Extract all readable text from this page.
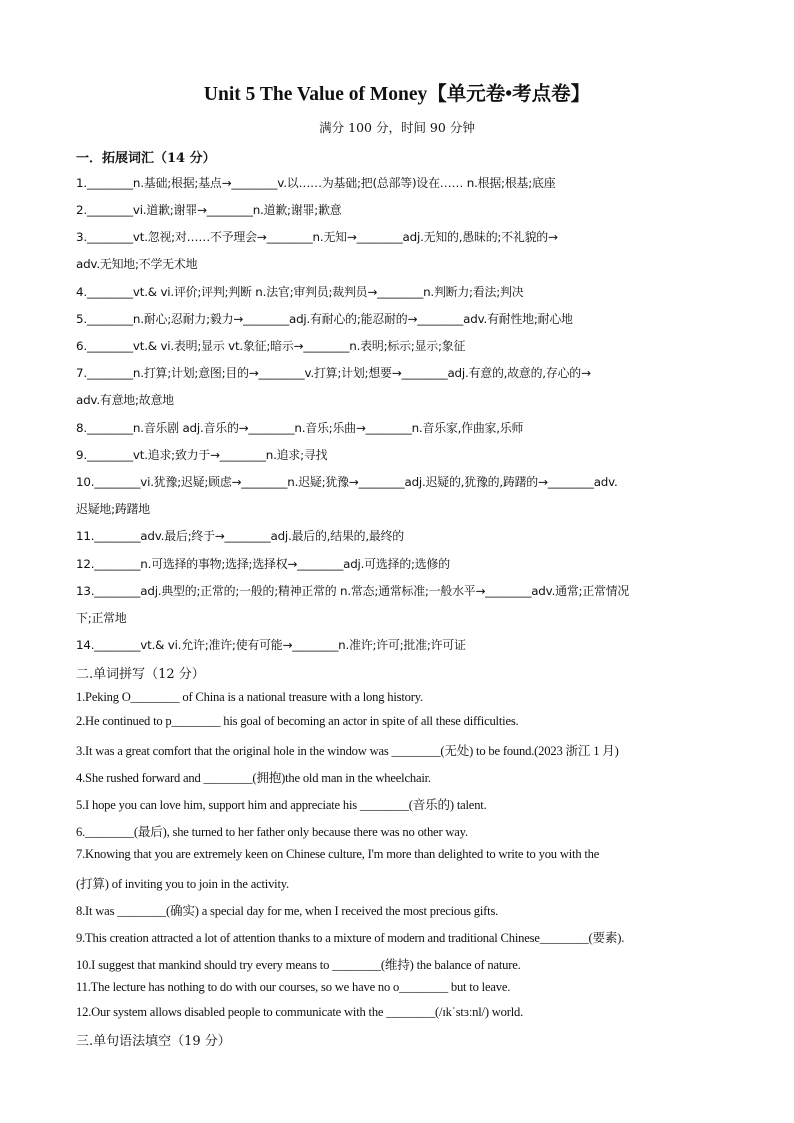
Unit 5 The Value of Money【单元卷•考点卷】
满分 100 分，时间 90 分钟
一．拓展词汇（14 分）
1.________n.基础;根据;基点→________v.以……为基础;把(总部等)设在…… n.根据;根基;底座
2.________vi.道歉;谢罪→________n.道歉;谢罪;歉意
3.________vt.忽视;对……不予理会→________n.无知→________adj.无知的,愚昧的;不礼貌的→
adv.无知地;不学无术地
4.________vt.& vi.评价;评判;判断 n.法官;审判员;裁判员→________n.判断力;看法;判决
5.________n.耐心;忍耐力;毅力→________adj.有耐心的;能忍耐的→________adv.有耐性地;耐心地
6.________vt.& vi.表明;显示 vt.象征;暗示→________n.表明;标示;显示;象征
7.________n.打算;计划;意图;目的→________v.打算;计划;想要→________adj.有意的,故意的,存心的→
adv.有意地;故意地
8.________n.音乐剧 adj.音乐的→________n.音乐;乐曲→________n.音乐家,作曲家,乐师
9.________vt.追求;致力于→________n.追求;寻找
10.________vi.犹豫;迟疑;顾虑→________n.迟疑;犹豫→________adj.迟疑的,犹豫的,踌躇的→________adv.
迟疑地;踌躇地
11.________adv.最后;终于→________adj.最后的,结果的,最终的
12.________n.可选择的事物;选择;选择权→________adj.可选择的;选修的
13.________adj.典型的;正常的;一般的;精神正常的 n.常态;通常标准;一般水平→________adv.通常;正常情况
下;正常地
14.________vt.& vi.允许;准许;使有可能→________n.准许;许可;批准;许可证
二.单词拼写（12 分）
1.Peking O________ of China is a national treasure with a long history.
2.He continued to p________ his goal of becoming an actor in spite of all these difficulties.
3.It was a great comfort that the original hole in the window was ________(无处) to be found.(2023 浙江 1 月)
4.She rushed forward and ________(拥抱)the old man in the wheelchair.
5.I hope you can love him, support him and appreciate his ________(音乐的) talent.
6.________(最后), she turned to her father only because there was no other way.
7.Knowing that you are extremely keen on Chinese culture, I'm more than delighted to write to you with the
(打算) of inviting you to join in the activity.
8.It was ________(确实) a special day for me, when I received the most precious gifts.
9.This creation attracted a lot of attention thanks to a mixture of modern and traditional Chinese________(要素).
10.I suggest that mankind should try every means to ________(维持) the balance of nature.
11.The lecture has nothing to do with our courses, so we have no o________ but to leave.
12.Our system allows disabled people to communicate with the ________(/ɪkˈstɜːnl/) world.
三.单句语法填空（19 分）
